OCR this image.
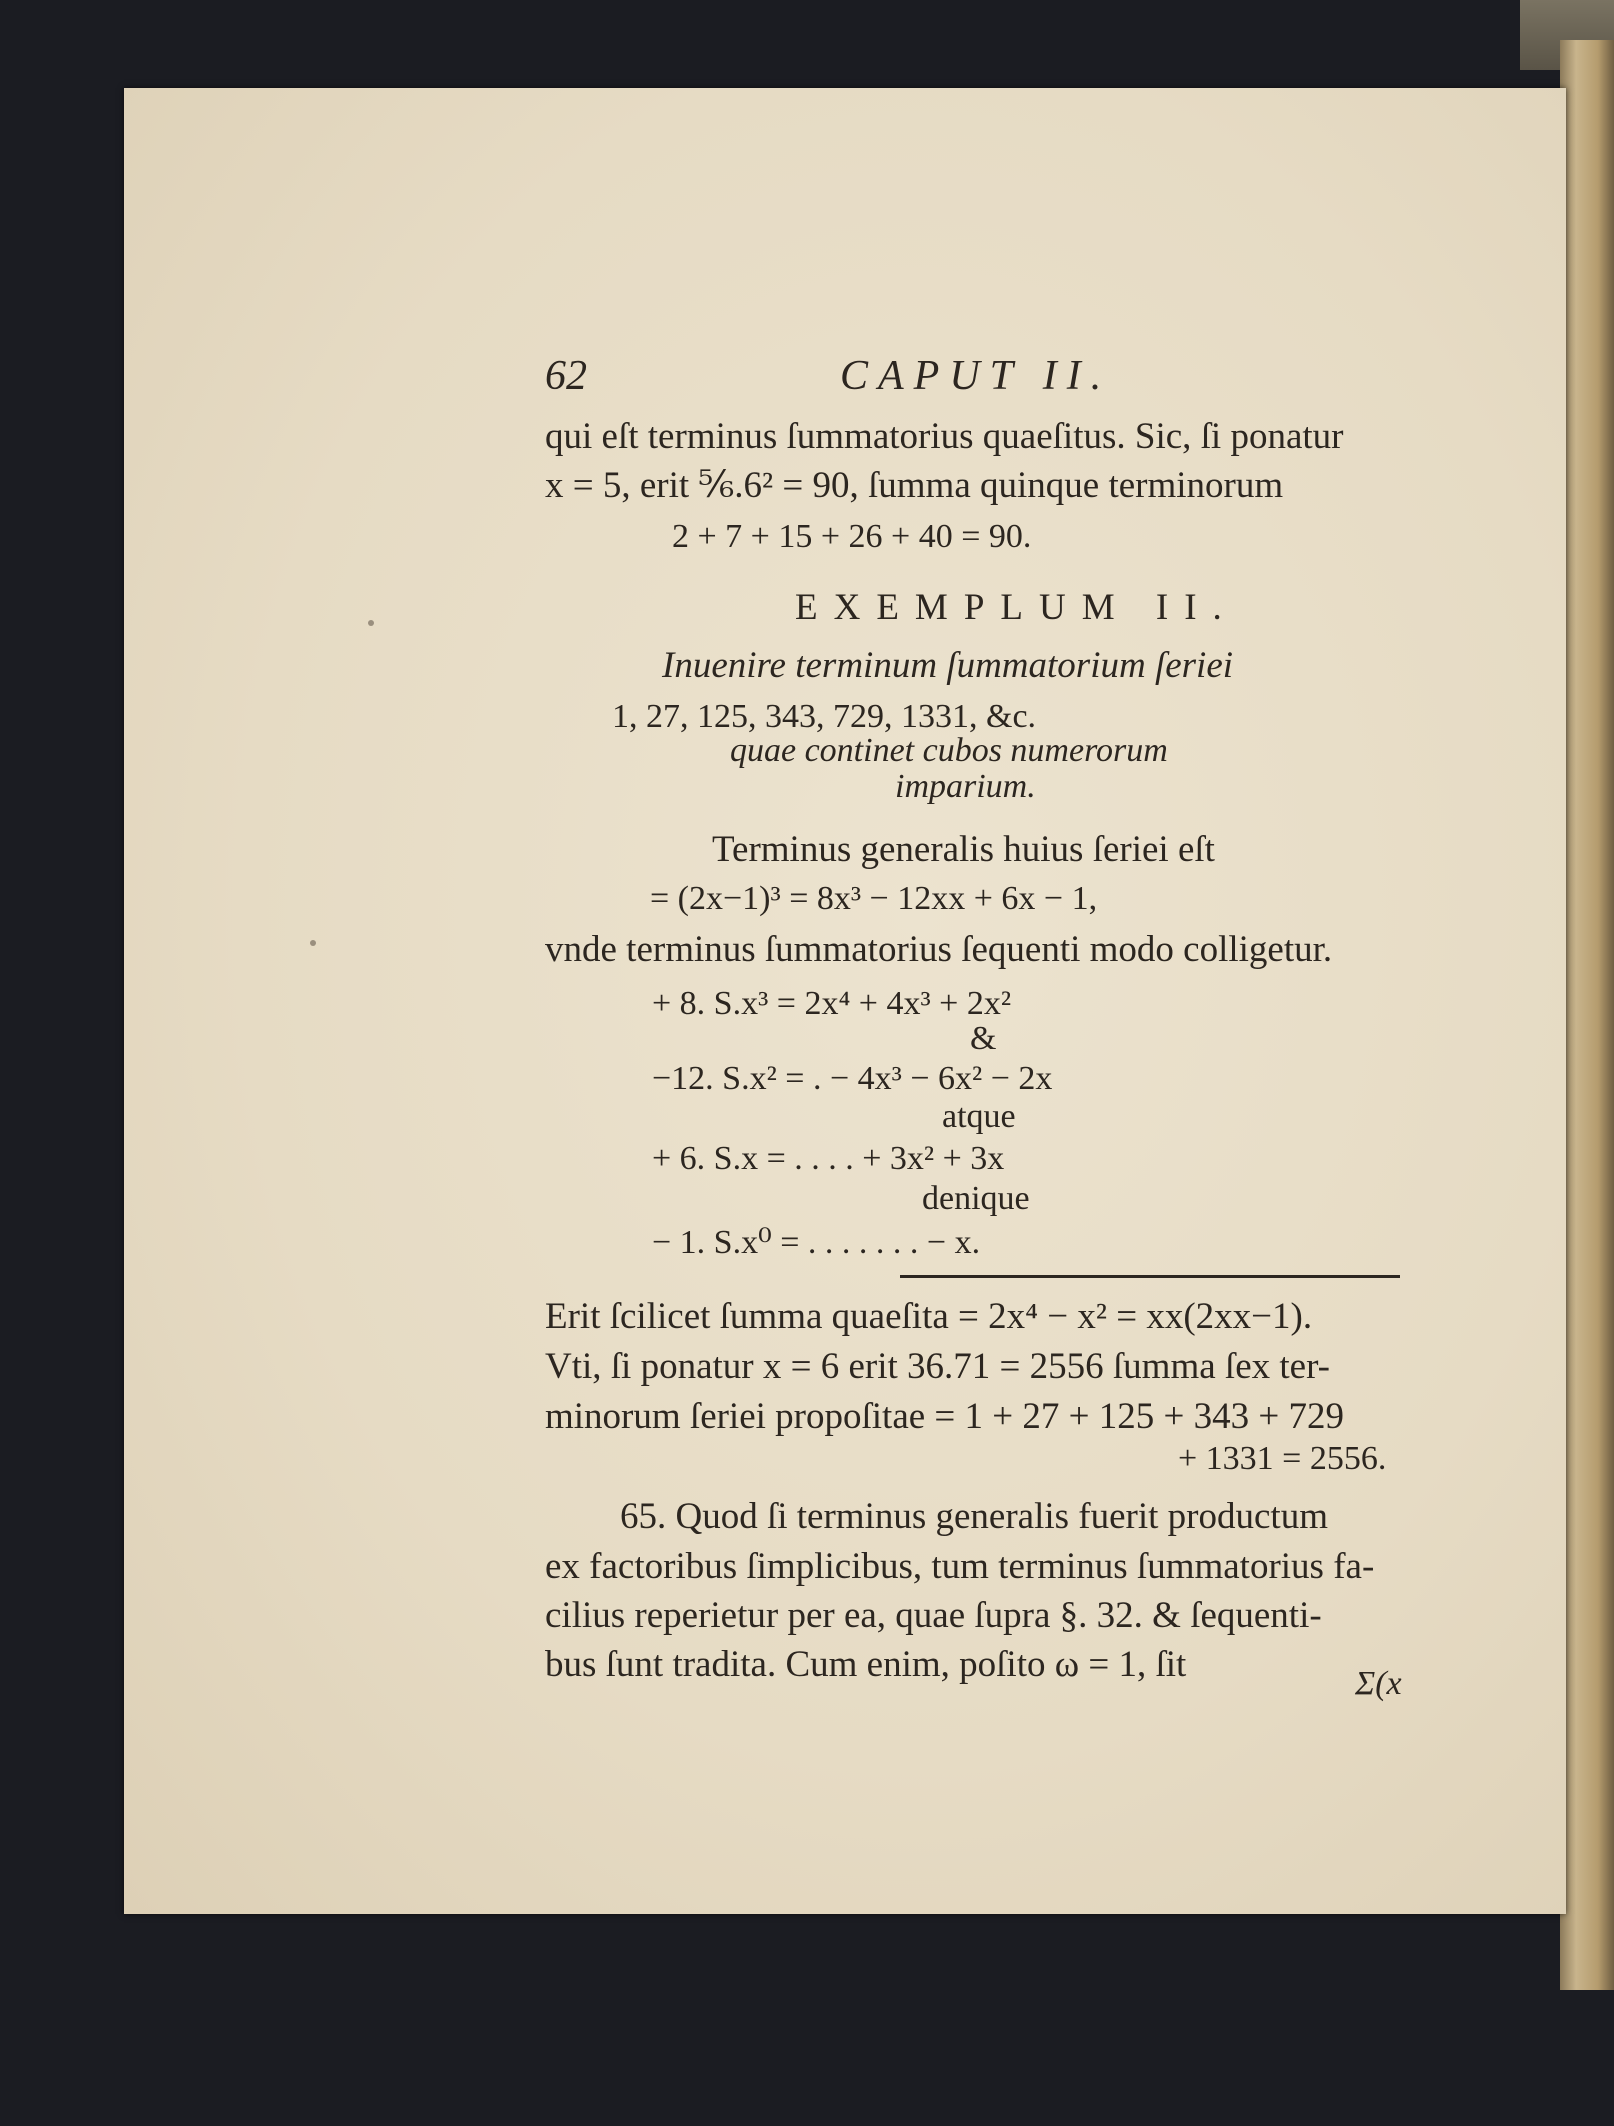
62	CAPUT II.
qui eſt terminus ſummatorius quaeſitus. Sic, ſi ponatur
x = 5, erit ⅚.6² = 90, ſumma quinque terminorum
2 + 7 + 15 + 26 + 40 = 90.
EXEMPLUM II.
Inuenire terminum ſummatorium ſeriei
1, 27, 125, 343, 729, 1331, &c.
quae continet cubos numerorum
imparium.
Terminus generalis huius ſeriei eſt
= (2x−1)³ = 8x³ − 12xx + 6x − 1,
vnde terminus ſummatorius ſequenti modo colligetur.
+ 8. S.x³ = 2x⁴ + 4x³ + 2x²
&
−12. S.x² = . − 4x³ − 6x² − 2x
atque
+ 6. S.x = . . . . + 3x² + 3x
denique
− 1. S.x⁰ = . . . . . . . − x.
Erit ſcilicet ſumma quaeſita = 2x⁴ − x² = xx(2xx−1).
Vti, ſi ponatur x = 6 erit 36.71 = 2556 ſumma ſex ter-
minorum ſeriei propoſitae = 1 + 27 + 125 + 343 + 729
+ 1331 = 2556.
65. Quod ſi terminus generalis fuerit productum
ex factoribus ſimplicibus, tum terminus ſummatorius fa-
cilius reperietur per ea, quae ſupra §. 32. & ſequenti-
bus ſunt tradita. Cum enim, poſito ω = 1, ſit	Σ(x
